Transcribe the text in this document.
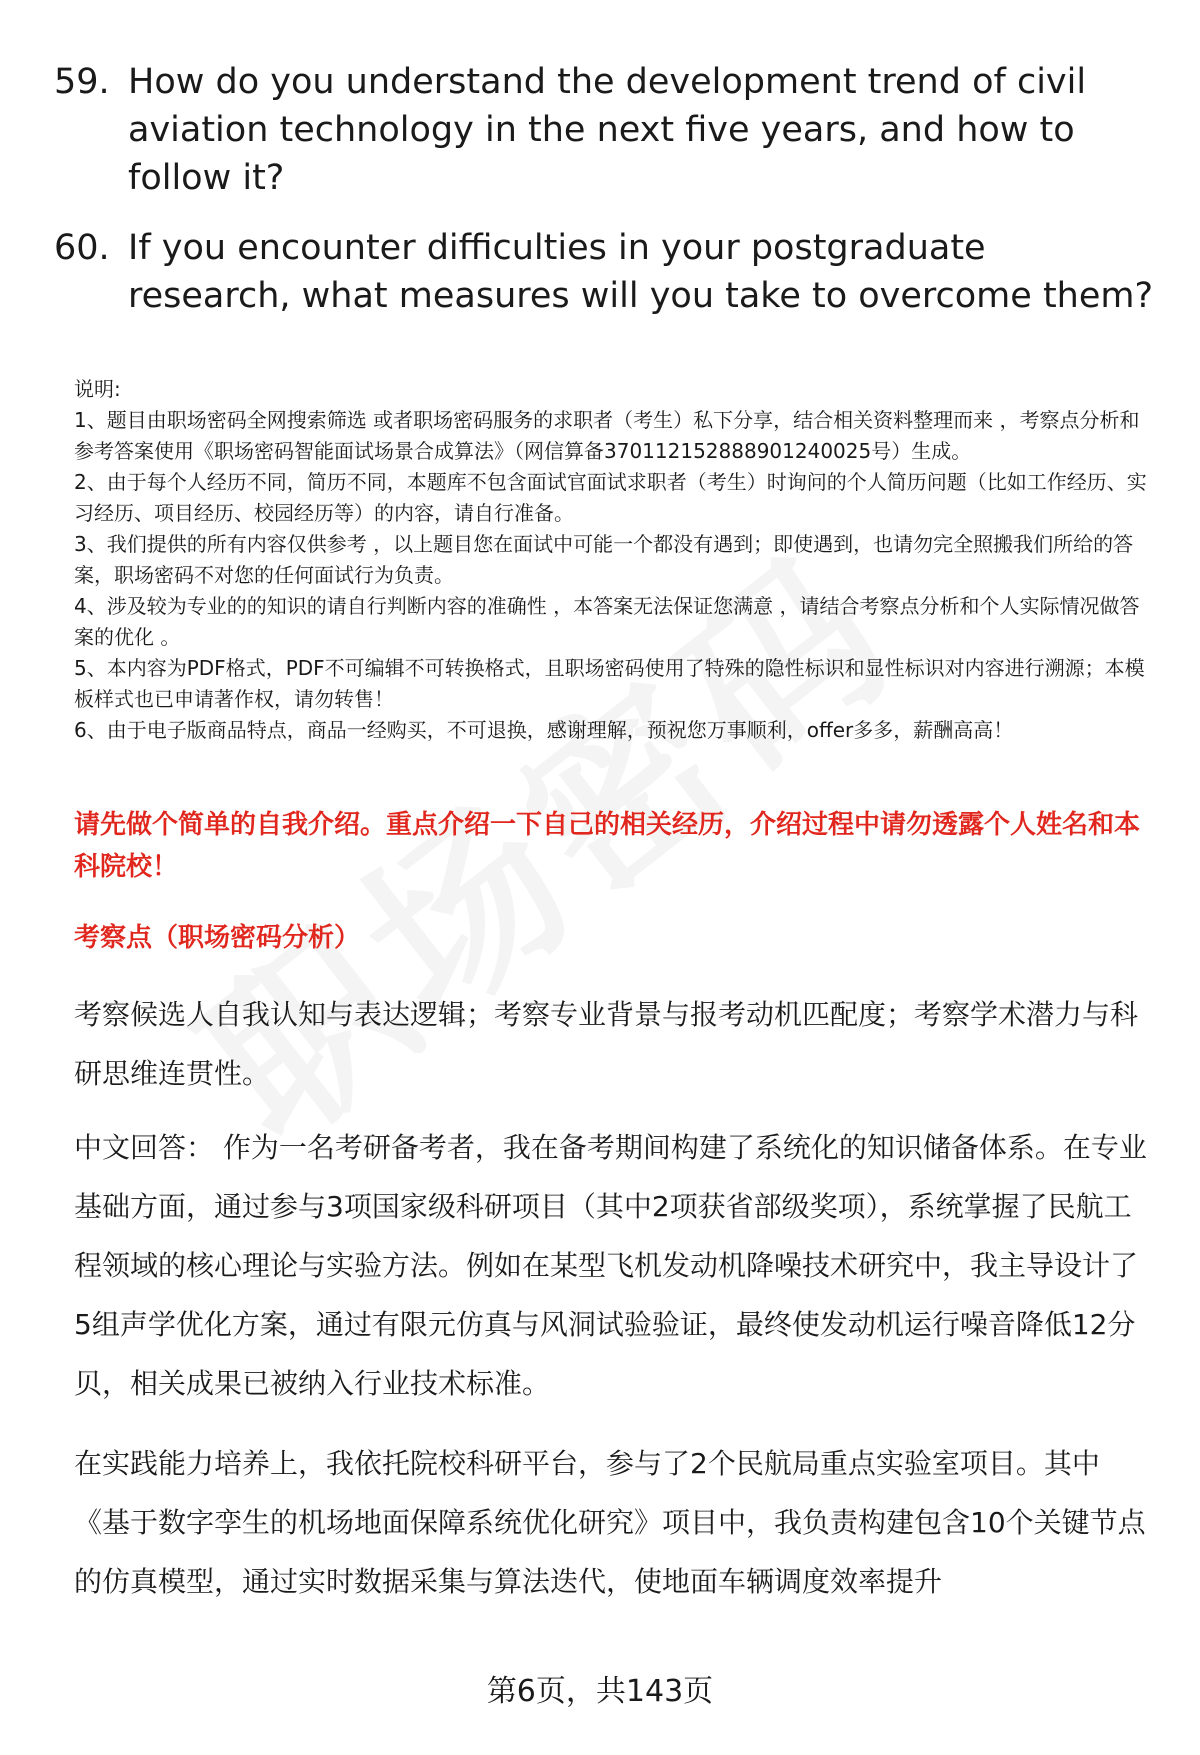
59. How do you understand the development trend of civil aviation technology in the next five years, and how to follow it?
60. If you encounter difficulties in your postgraduate research, what measures will you take to overcome them?

说明:

1、题目由职场密码全网搜索筛选 或者职场密码服务的求职者（考生）私下分享，结合相关资料整理而来 ，考察点分析和参考答案使用《职场密码智能面试场景合成算法》（网信算备370112152888901240025号）生成。

2、由于每个人经历不同，简历不同，本题库不包含面试官面试求职者（考生）时询问的个人简历问题（比如工作经历、实习经历、项目经历、校园经历等）的内容，请自行准备。

3、我们提供的所有内容仅供参考 ，以上题目您在面试中可能一个都没有遇到；即使遇到，也请勿完全照搬我们所给的答案，职场密码不对您的任何面试行为负责。

4、涉及较为专业的的知识的请自行判断内容的准确性 ，本答案无法保证您满意 ，请结合考察点分析和个人实际情况做答案的优化 。

5、本内容为PDF格式，PDF不可编辑不可转换格式，且职场密码使用了特殊的隐性标识和显性标识对内容进行溯源；本模板样式也已申请著作权，请勿转售！

6、由于电子版商品特点，商品一经购买，不可退换，感谢理解，预祝您万事顺利，offer多多，薪酬高高！

请先做个简单的自我介绍。重点介绍一下自己的相关经历，介绍过程中请勿透露个人姓名和本科院校！
考察点（职场密码分析）
考察候选人自我认知与表达逻辑；考察专业背景与报考动机匹配度；考察学术潜力与科研思维连贯性。
中文回答： 作为一名考研备考者，我在备考期间构建了系统化的知识储备体系。在专业基础方面，通过参与3项国家级科研项目（其中2项获省部级奖项），系统掌握了民航工程领域的核心理论与实验方法。例如在某型飞机发动机降噪技术研究中，我主导设计了5组声学优化方案，通过有限元仿真与风洞试验验证，最终使发动机运行噪音降低12分贝，相关成果已被纳入行业技术标准。
在实践能力培养上，我依托院校科研平台，参与了2个民航局重点实验室项目。其中《基于数字孪生的机场地面保障系统优化研究》项目中，我负责构建包含10个关键节点的仿真模型，通过实时数据采集与算法迭代，使地面车辆调度效率提升
第6页，共143页
